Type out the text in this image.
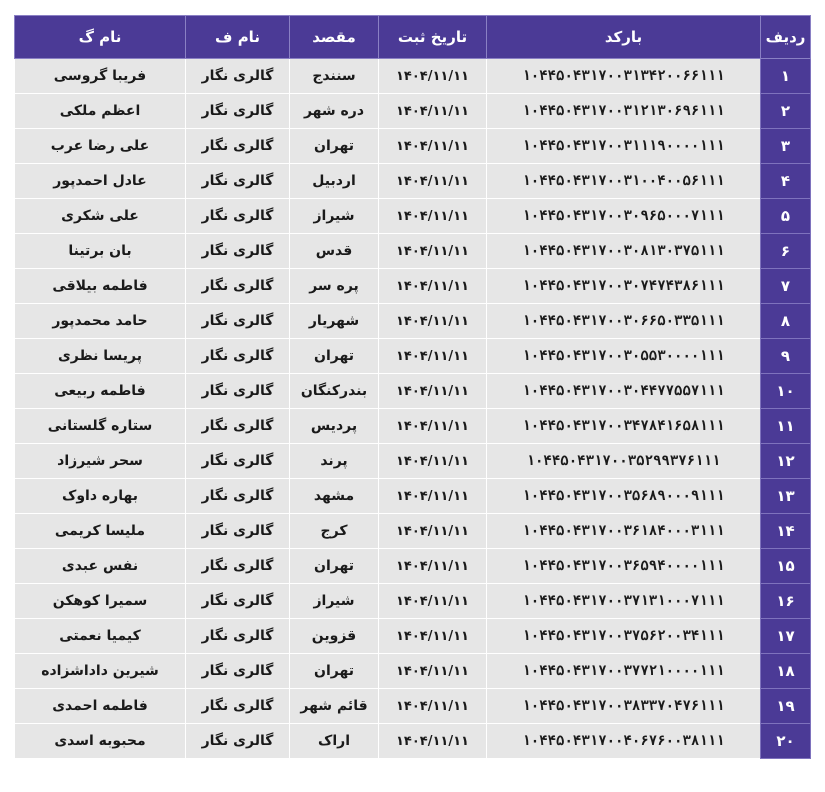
ردیف	بارکد	تاریخ ثبت	مقصد	نام ف	نام گ
۱	۱۰۴۴۵۰۴۳۱۷۰۰۳۱۳۴۲۰۰۶۶۱۱۱	۱۴۰۴/۱۱/۱۱	سنندج	گالری نگار	فریبا گروسی
۲	۱۰۴۴۵۰۴۳۱۷۰۰۳۱۲۱۳۰۶۹۶۱۱۱	۱۴۰۴/۱۱/۱۱	دره شهر	گالری نگار	اعظم ملکی
۳	۱۰۴۴۵۰۴۳۱۷۰۰۳۱۱۱۹۰۰۰۰۱۱۱	۱۴۰۴/۱۱/۱۱	تهران	گالری نگار	علی رضا عرب
۴	۱۰۴۴۵۰۴۳۱۷۰۰۳۱۰۰۴۰۰۵۶۱۱۱	۱۴۰۴/۱۱/۱۱	اردبیل	گالری نگار	عادل احمدپور
۵	۱۰۴۴۵۰۴۳۱۷۰۰۳۰۹۶۵۰۰۰۷۱۱۱	۱۴۰۴/۱۱/۱۱	شیراز	گالری نگار	علی شکری
۶	۱۰۴۴۵۰۴۳۱۷۰۰۳۰۸۱۳۰۳۷۵۱۱۱	۱۴۰۴/۱۱/۱۱	قدس	گالری نگار	بان برتینا
۷	۱۰۴۴۵۰۴۳۱۷۰۰۳۰۷۴۷۴۳۸۶۱۱۱	۱۴۰۴/۱۱/۱۱	پره سر	گالری نگار	فاطمه بیلاقی
۸	۱۰۴۴۵۰۴۳۱۷۰۰۳۰۶۶۵۰۳۳۵۱۱۱	۱۴۰۴/۱۱/۱۱	شهریار	گالری نگار	حامد محمدپور
۹	۱۰۴۴۵۰۴۳۱۷۰۰۳۰۵۵۳۰۰۰۰۱۱۱	۱۴۰۴/۱۱/۱۱	تهران	گالری نگار	پریسا نظری
۱۰	۱۰۴۴۵۰۴۳۱۷۰۰۳۰۴۴۷۷۵۵۷۱۱۱	۱۴۰۴/۱۱/۱۱	بندرکنگان	گالری نگار	فاطمه ربیعی
۱۱	۱۰۴۴۵۰۴۳۱۷۰۰۳۴۷۸۴۱۶۵۸۱۱۱	۱۴۰۴/۱۱/۱۱	پردیس	گالری نگار	ستاره گلستانی
۱۲	۱۰۴۴۵۰۴۳۱۷۰۰۳۵۲۹۹۳۷۶۱۱۱	۱۴۰۴/۱۱/۱۱	پرند	گالری نگار	سحر شیرزاد
۱۳	۱۰۴۴۵۰۴۳۱۷۰۰۳۵۶۸۹۰۰۰۹۱۱۱	۱۴۰۴/۱۱/۱۱	مشهد	گالری نگار	بهاره داوک
۱۴	۱۰۴۴۵۰۴۳۱۷۰۰۳۶۱۸۴۰۰۰۳۱۱۱	۱۴۰۴/۱۱/۱۱	کرج	گالری نگار	ملیسا کریمی
۱۵	۱۰۴۴۵۰۴۳۱۷۰۰۳۶۵۹۴۰۰۰۰۱۱۱	۱۴۰۴/۱۱/۱۱	تهران	گالری نگار	نفس عبدی
۱۶	۱۰۴۴۵۰۴۳۱۷۰۰۳۷۱۳۱۰۰۰۷۱۱۱	۱۴۰۴/۱۱/۱۱	شیراز	گالری نگار	سمیرا کوهکن
۱۷	۱۰۴۴۵۰۴۳۱۷۰۰۳۷۵۶۲۰۰۳۴۱۱۱	۱۴۰۴/۱۱/۱۱	قزوین	گالری نگار	کیمیا نعمتی
۱۸	۱۰۴۴۵۰۴۳۱۷۰۰۳۷۷۲۱۰۰۰۰۱۱۱	۱۴۰۴/۱۱/۱۱	تهران	گالری نگار	شیرین داداشزاده
۱۹	۱۰۴۴۵۰۴۳۱۷۰۰۳۸۳۳۷۰۴۷۶۱۱۱	۱۴۰۴/۱۱/۱۱	قائم شهر	گالری نگار	فاطمه احمدی
۲۰	۱۰۴۴۵۰۴۳۱۷۰۰۴۰۶۷۶۰۰۳۸۱۱۱	۱۴۰۴/۱۱/۱۱	اراک	گالری نگار	محبوبه اسدی
